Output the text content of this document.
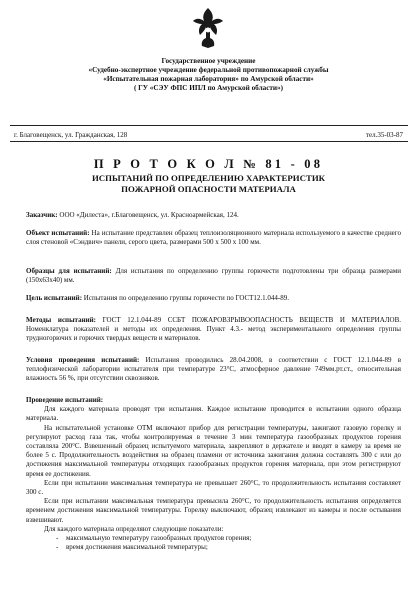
Государственное учреждение
«Судебно-экспертное учреждение федеральной противопожарной службы
«Испытательная пожарная лаборатория» по Амурской области»
( ГУ «СЭУ ФПС ИПЛ по Амурской области»)
г. Благовещенск, ул. Гражданская, 128	тел.35-03-87
П Р О Т О К О Л № 81 - 08
ИСПЫТАНИЙ ПО ОПРЕДЕЛЕНИЮ ХАРАКТЕРИСТИК
ПОЖАРНОЙ ОПАСНОСТИ МАТЕРИАЛА

Заказчик: ООО «Дилеста», г.Благовещенск, ул. Красноармейская, 124.

Объект испытаний: На испытание представлен образец теплоизоляционного материала используемого в качестве среднего слоя стеновой «Сэндвич» панели, серого цвета, размерами 500 x 500 x 100 мм.

Образцы для испытаний: Для испытания по определению группы горючести подготовлены три образца размерами (150х63х40) мм.

Цель испытаний: Испытания по определению группы горючести по ГОСТ12.1.044-89.

Методы испытаний: ГОСТ 12.1.044-89 ССБТ ПОЖАРОВЗРЫВООПАСНОСТЬ ВЕЩЕСТВ И МАТЕРИАЛОВ. Номенклатура показателей и методы их определения. Пункт 4.3.- метод экспериментального определения группы трудногорючих и горючих твердых веществ и материалов.

Условия проведения испытаний: Испытания проводились 28.04.2008, в соответствии с ГОСТ 12.1.044-89 в теплофизической лаборатории испытателя при температуре 23°С, атмосферное давление 749мм.рт.ст., относительная влажность 56 %, при отсутствии сквозняков.

Проведение испытаний:

Для каждого материала проводят три испытания. Каждое испытание проводится в испытании одного образца материала.

На испытательной установке ОТМ включают прибор для регистрации температуры, зажигают газовую горелку и регулируют расход газа так, чтобы контролируемая в течение 3 мин температура газообразных продуктов горения составляла 200°С. Взвешенный образец испытуемого материала, закрепляют в держателе и вводят в камеру за время не более 5 с. Продолжительность воздействия на образец пламени от источника зажигания должна составлять 300 с или до достижения максимальной температуры отходящих газообразных продуктов горения материала, при этом регистрируют время ее достижения.

Если при испытании максимальная температура не превышает 260°С, то продолжительность испытания составляет 300 с.

Если при испытании максимальная температура превысила 260°С, то продолжительность испытания определяется временем достижения максимальной температуры. Горелку выключают, образец извлекают из камеры и после остывания взвешивают.

Для каждого материала определяют следующие показатели:

- максимальную температуру газообразных продуктов горения;

- время достижения максимальной температуры;
